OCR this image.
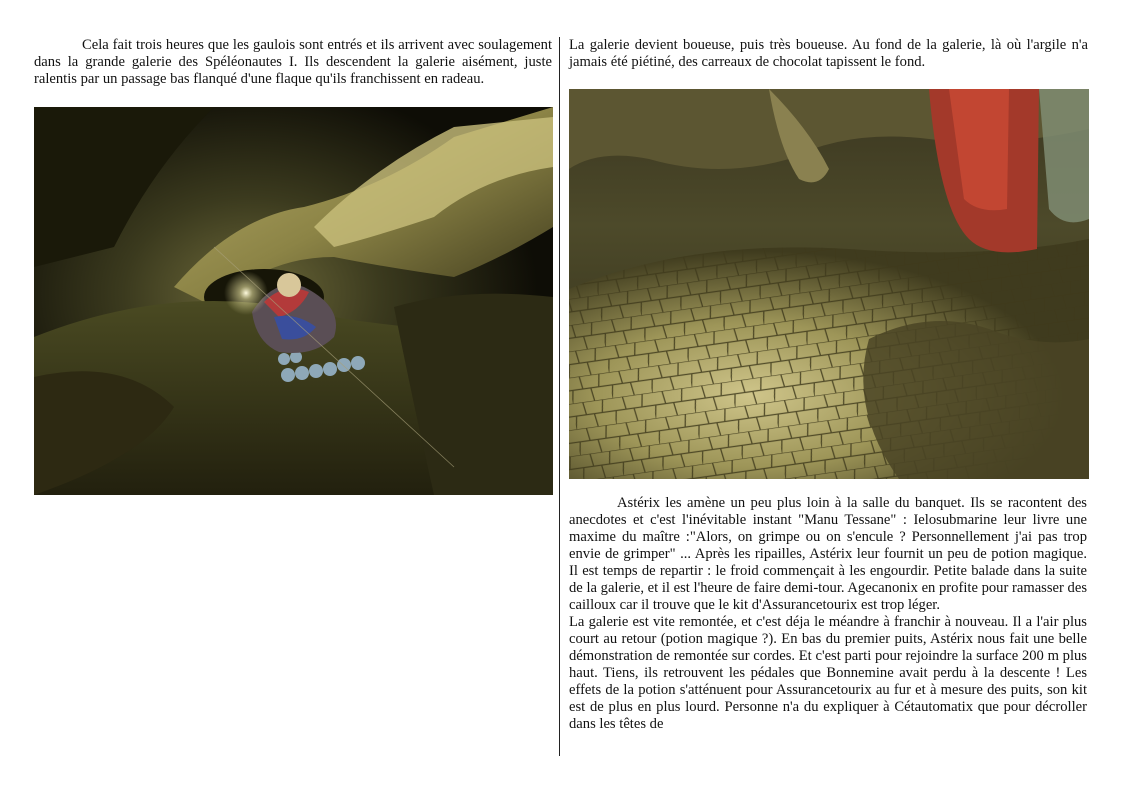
Cela fait trois heures que les gaulois sont entrés et ils arrivent avec soulagement dans la grande galerie des Spéléonautes I. Ils descendent la galerie aisément, juste ralentis par un passage bas flanqué d'une flaque qu'ils franchissent en radeau.

La galerie devient boueuse, puis très boueuse. Au fond de la galerie, là où l'argile n'a jamais été piétiné, des carreaux de chocolat tapissent le fond.

Astérix les amène un peu plus loin à la salle du banquet. Ils se racontent des anecdotes et c'est l'inévitable instant "Manu Tessane" : Ielosubmarine leur livre une maxime du maître :"Alors, on grimpe ou on s'encule ? Personnellement j'ai pas trop envie de grimper" ... Après les ripailles, Astérix leur fournit un peu de potion magique. Il est temps de repartir : le froid commençait à les engourdir. Petite balade dans la suite de la galerie, et il est l'heure de faire demi-tour. Agecanonix en profite pour ramasser des cailloux car il trouve que le kit d'Assurancetourix est trop léger.

La galerie est vite remontée, et c'est déja le méandre à franchir à nouveau. Il a l'air plus court au retour (potion magique ?). En bas du premier puits, Astérix nous fait une belle démonstration de remontée sur cordes. Et c'est parti pour rejoindre la surface 200 m plus haut. Tiens, ils retrouvent les pédales que Bonnemine avait perdu à la descente ! Les effets de la potion s'atténuent pour Assurancetourix au fur et à mesure des puits, son kit est de plus en plus lourd. Personne n'a du expliquer à Cétautomatix que pour décroller dans les têtes de
